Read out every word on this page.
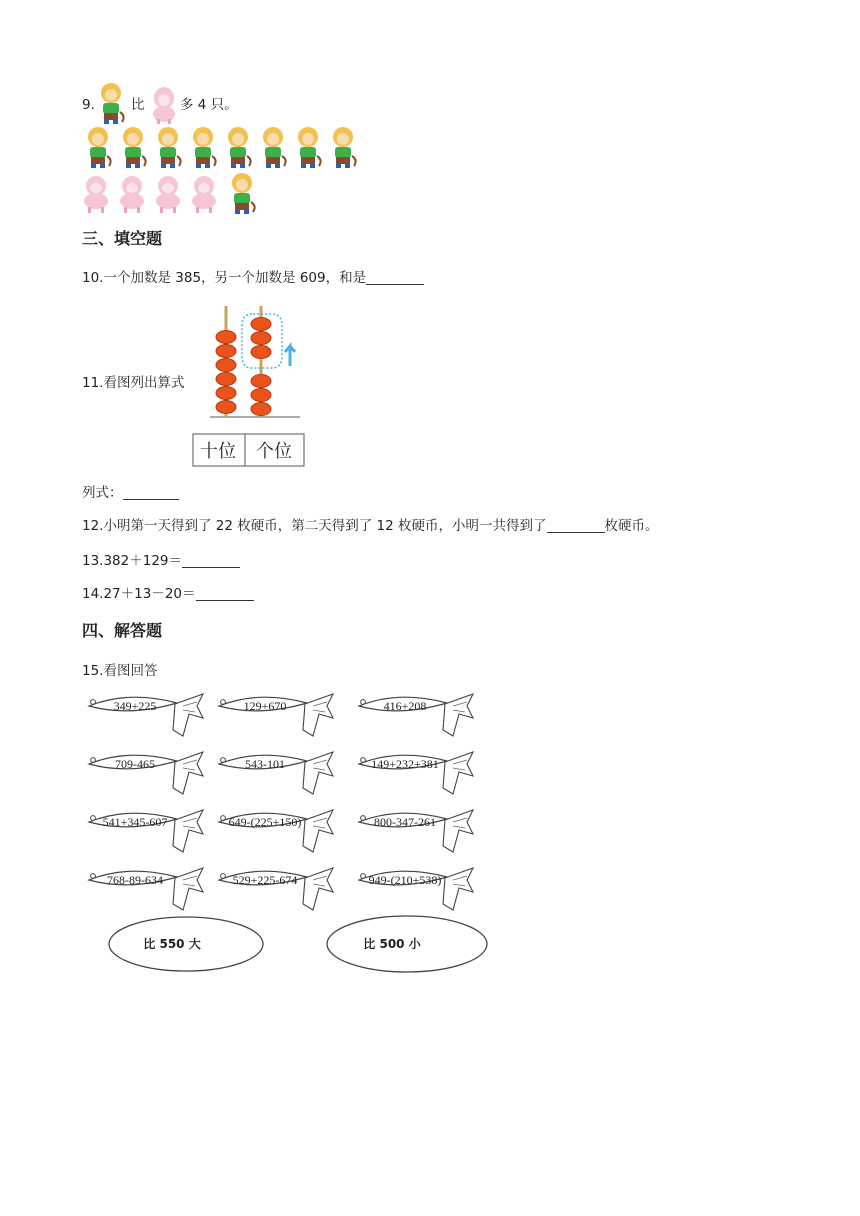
9.	比	多 4 只。
三、填空题
10.一个加数是 385，另一个加数是 609，和是
11.看图列出算式
十位 个位
列式：
12.小明第一天得到了 22 枚硬币，第二天得到了 12 枚硬币，小明一共得到了	枚硬币。
13.382＋129＝
14.27＋13－20＝
四、解答题
15.看图回答
349+225	129+670	416+208
709-465	543-101	149+232+381
541+345-607	649-(225+150)	800-347-261
768-89-634	529+225-674	949-(210+538)
比 550 大	比 500 小
